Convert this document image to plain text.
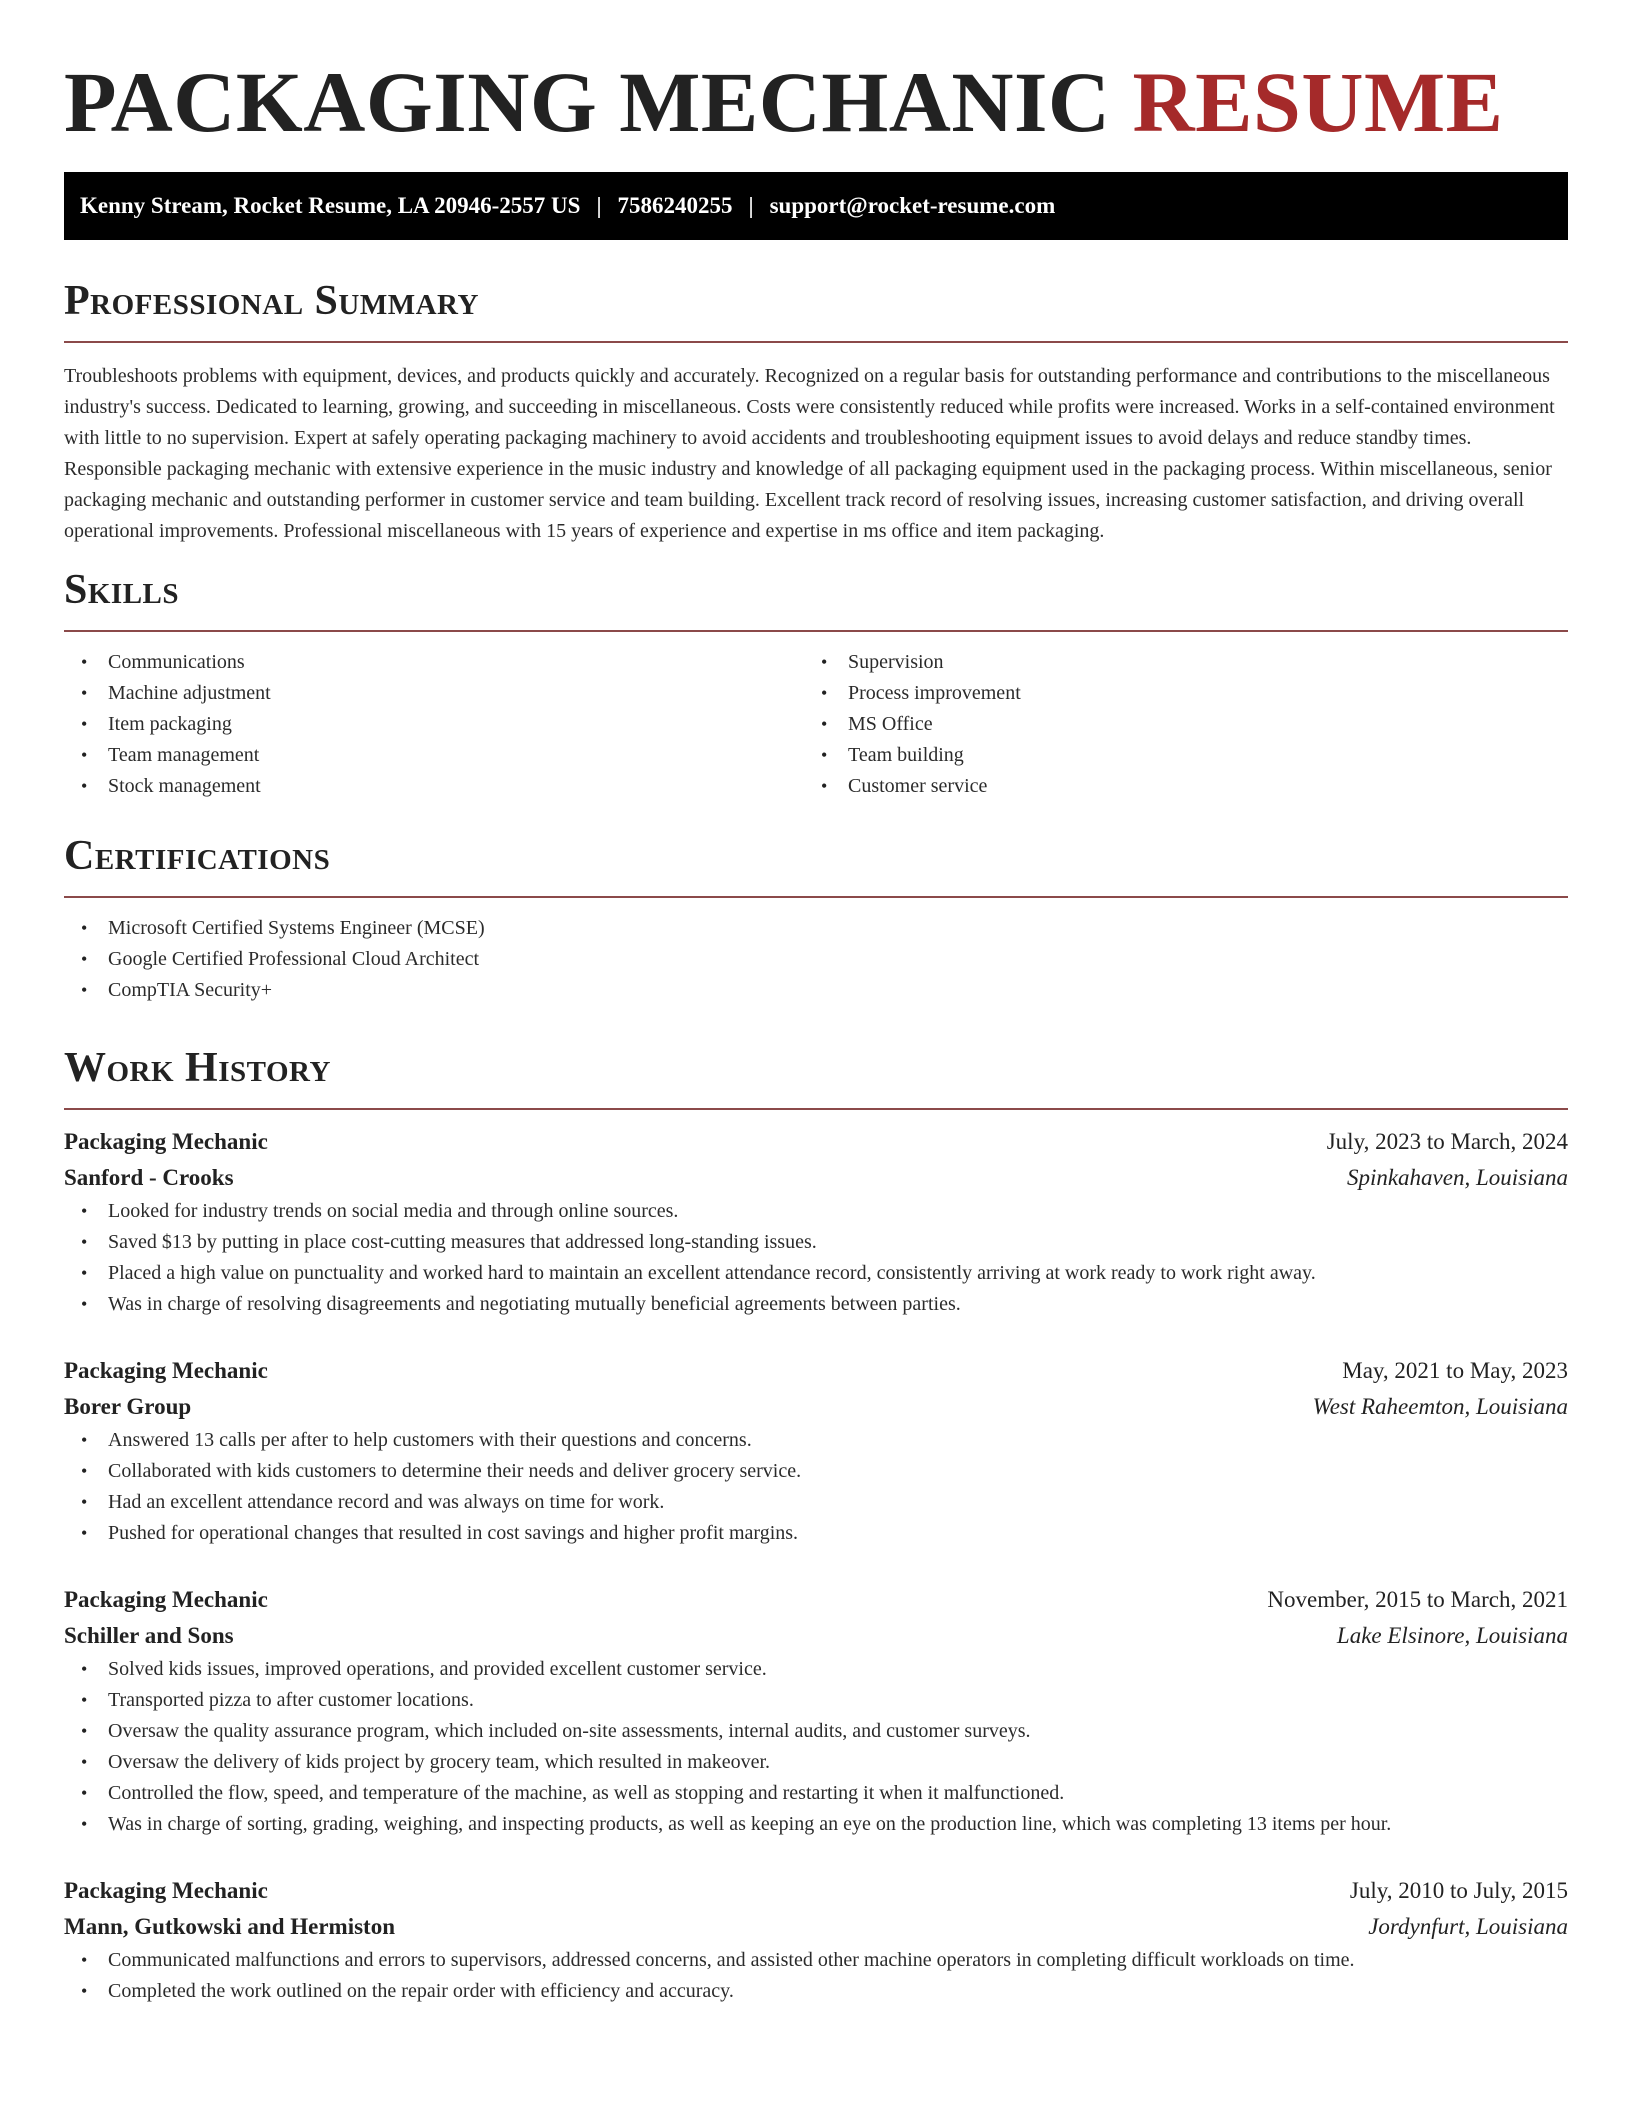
PACKAGING MECHANIC RESUME
Kenny Stream, Rocket Resume, LA 20946-2557 US | 7586240255 | support@rocket-resume.com
Professional Summary

Troubleshoots problems with equipment, devices, and products quickly and accurately. Recognized on a regular basis for outstanding performance and contributions to the miscellaneous industry's success. Dedicated to learning, growing, and succeeding in miscellaneous. Costs were consistently reduced while profits were increased. Works in a self-contained environment with little to no supervision. Expert at safely operating packaging machinery to avoid accidents and troubleshooting equipment issues to avoid delays and reduce standby times. Responsible packaging mechanic with extensive experience in the music industry and knowledge of all packaging equipment used in the packaging process. Within miscellaneous, senior packaging mechanic and outstanding performer in customer service and team building. Excellent track record of resolving issues, increasing customer satisfaction, and driving overall operational improvements. Professional miscellaneous with 15 years of experience and expertise in ms office and item packaging.

Skills
• Communications
• Machine adjustment
• Item packaging
• Team management
• Stock management
• Supervision
• Process improvement
• MS Office
• Team building
• Customer service
Certifications
• Microsoft Certified Systems Engineer (MCSE)
• Google Certified Professional Cloud Architect
• CompTIA Security+
Work History
Packaging Mechanic	July, 2023 to March, 2024
Sanford - Crooks	Spinkahaven, Louisiana
• Looked for industry trends on social media and through online sources.
• Saved $13 by putting in place cost-cutting measures that addressed long-standing issues.
• Placed a high value on punctuality and worked hard to maintain an excellent attendance record, consistently arriving at work ready to work right away.
• Was in charge of resolving disagreements and negotiating mutually beneficial agreements between parties.
Packaging Mechanic	May, 2021 to May, 2023
Borer Group	West Raheemton, Louisiana
• Answered 13 calls per after to help customers with their questions and concerns.
• Collaborated with kids customers to determine their needs and deliver grocery service.
• Had an excellent attendance record and was always on time for work.
• Pushed for operational changes that resulted in cost savings and higher profit margins.
Packaging Mechanic	November, 2015 to March, 2021
Schiller and Sons	Lake Elsinore, Louisiana
• Solved kids issues, improved operations, and provided excellent customer service.
• Transported pizza to after customer locations.
• Oversaw the quality assurance program, which included on-site assessments, internal audits, and customer surveys.
• Oversaw the delivery of kids project by grocery team, which resulted in makeover.
• Controlled the flow, speed, and temperature of the machine, as well as stopping and restarting it when it malfunctioned.
• Was in charge of sorting, grading, weighing, and inspecting products, as well as keeping an eye on the production line, which was completing 13 items per hour.
Packaging Mechanic	July, 2010 to July, 2015
Mann, Gutkowski and Hermiston	Jordynfurt, Louisiana
• Communicated malfunctions and errors to supervisors, addressed concerns, and assisted other machine operators in completing difficult workloads on time.
• Completed the work outlined on the repair order with efficiency and accuracy.
